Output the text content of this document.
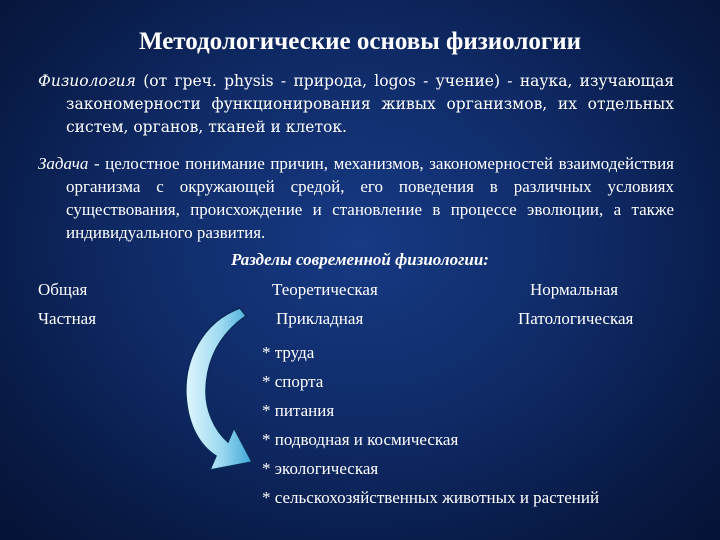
Методологические основы физиологии
Физиология (от греч. physis - природа, logos - учение) - наука, изучающая закономерности функционирования живых организмов, их отдельных систем, органов, тканей и клеток.
Задача - целостное понимание причин, механизмов, закономерностей взаимодействия организма с окружающей средой, его поведения в различных условиях существования, происхождение и становление в процессе эволюции, а также индивидуального развития.
Разделы современной физиологии:
Общая	Теоретическая	Нормальная
Частная	Прикладная	Патологическая
* труда
* спорта
* питания
* подводная и космическая
* экологическая
* сельскохозяйственных животных и растений
